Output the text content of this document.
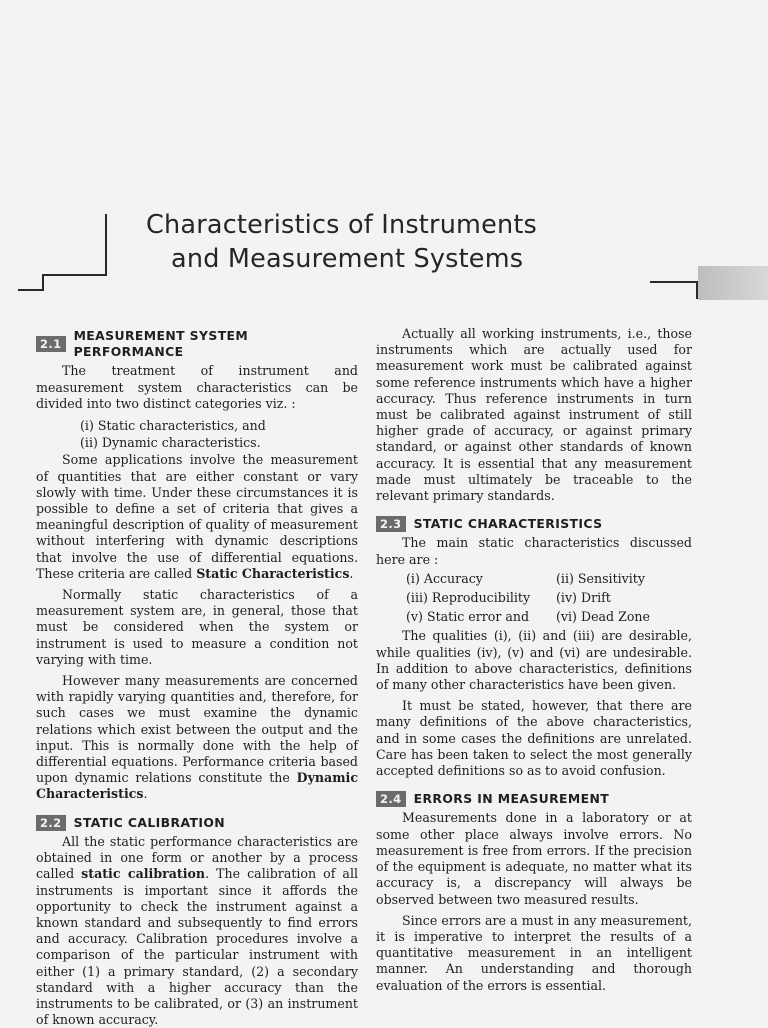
Characteristics of Instruments
and Measurement Systems
2.1
MEASUREMENT SYSTEM PERFORMANCE

The treatment of instrument and measurement system characteristics can be divided into two distinct categories viz. :

(i) Static characteristics, and

(ii) Dynamic characteristics.

Some applications involve the measurement of quantities that are either constant or vary slowly with time. Under these circumstances it is possible to define a set of criteria that gives a meaningful description of quality of measurement without interfering with dynamic descriptions that involve the use of differential equations. These criteria are called Static Characteristics.

Normally static characteristics of a measurement system are, in general, those that must be considered when the system or instrument is used to measure a condition not varying with time.

However many measurements are concerned with rapidly varying quantities and, therefore, for such cases we must examine the dynamic relations which exist between the output and the input. This is normally done with the help of differential equations. Performance criteria based upon dynamic relations constitute the Dynamic Characteristics.

2.2 STATIC CALIBRATION

All the static performance characteristics are obtained in one form or another by a process called static calibration. The calibration of all instruments is important since it affords the opportunity to check the instrument against a known standard and subsequently to find errors and accuracy. Calibration procedures involve a comparison of the particular instrument with either (1) a primary standard, (2) a secondary standard with a higher accuracy than the instruments to be calibrated, or (3) an instrument of known accuracy.

Actually all working instruments, i.e., those instruments which are actually used for measurement work must be calibrated against some reference instruments which have a higher accuracy. Thus reference instruments in turn must be calibrated against instrument of still higher grade of accuracy, or against primary standard, or against other standards of known accuracy. It is essential that any measurement made must ultimately be traceable to the relevant primary standards.

2.3 STATIC CHARACTERISTICS

The main static characteristics discussed here are :

(i) Accuracy	(ii) Sensitivity
(iii) Reproducibility	(iv) Drift
(v) Static error and	(vi) Dead Zone

The qualities (i), (ii) and (iii) are desirable, while qualities (iv), (v) and (vi) are undesirable. In addition to above characteristics, definitions of many other characteristics have been given.

It must be stated, however, that there are many definitions of the above characteristics, and in some cases the definitions are unrelated. Care has been taken to select the most generally accepted definitions so as to avoid confusion.

2.4 ERRORS IN MEASUREMENT

Measurements done in a laboratory or at some other place always involve errors. No measurement is free from errors. If the precision of the equipment is adequate, no matter what its accuracy is, a discrepancy will always be observed between two measured results.

Since errors are a must in any measurement, it is imperative to interpret the results of a quantitative measurement in an intelligent manner. An understanding and thorough evaluation of the errors is essential.
